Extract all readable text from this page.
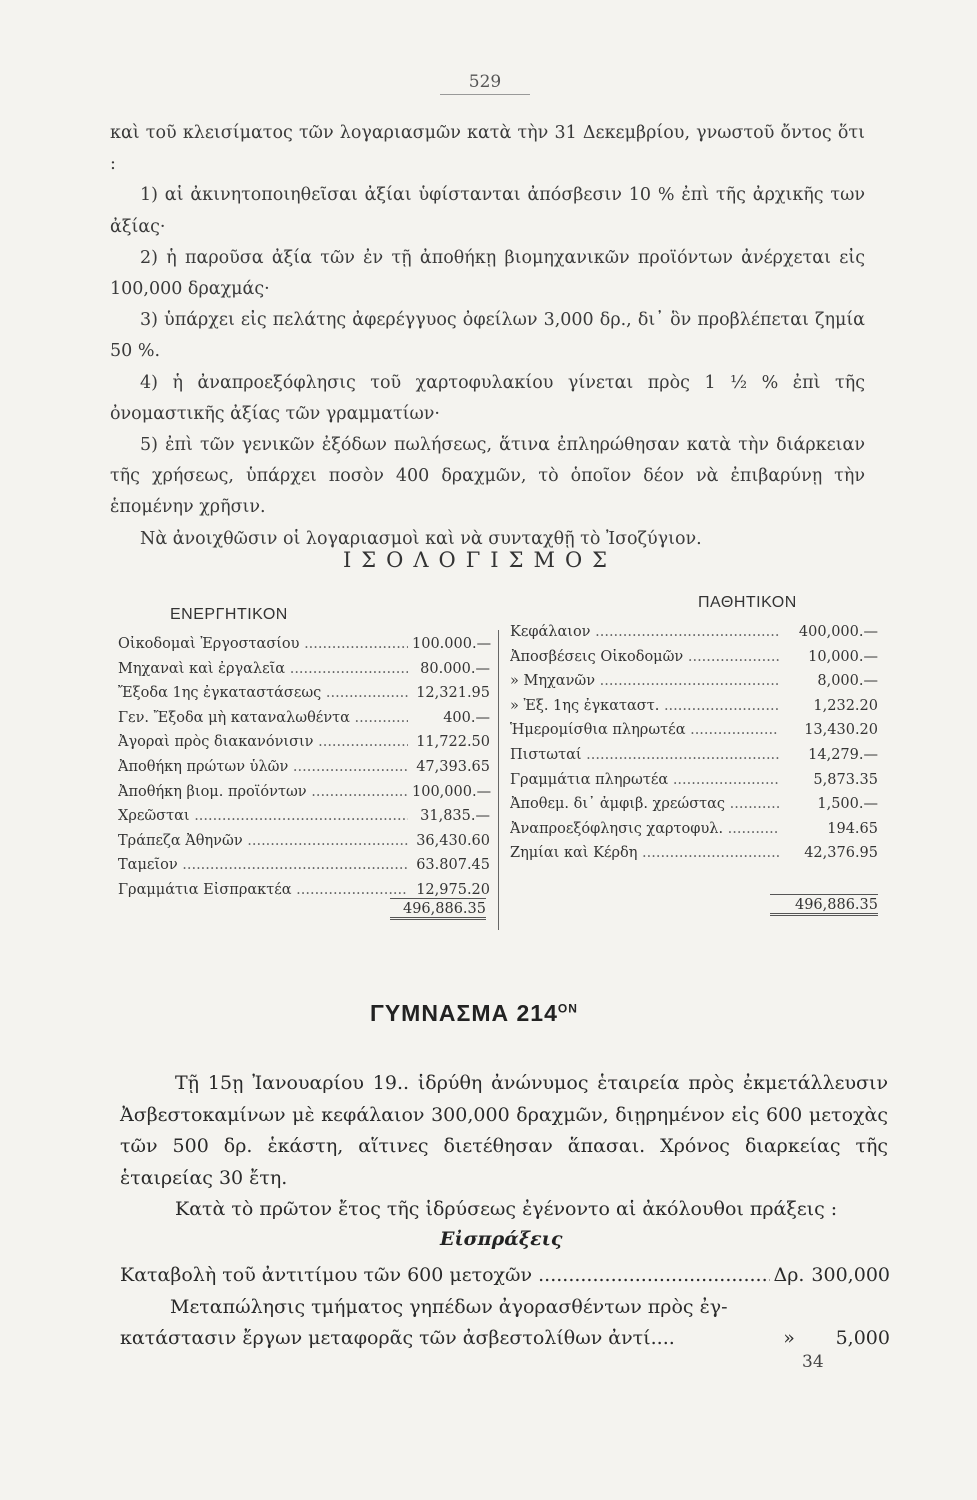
529

καὶ τοῦ κλεισίματος τῶν λογαριασμῶν κατὰ τὴν 31 Δεκεμβρίου, γνωστοῦ ὄντος ὅτι :

1) αἱ ἀκινητοποιηθεῖσαι ἀξίαι ὑφίστανται ἀπόσβεσιν 10 % ἐπὶ τῆς ἀρχικῆς των ἀξίας·

2) ἡ παροῦσα ἀξία τῶν ἐν τῇ ἀποθήκῃ βιομηχανικῶν προϊόντων ἀνέρχεται εἰς 100,000 δραχμάς·

3) ὑπάρχει εἰς πελάτης ἀφερέγγυος ὀφείλων 3,000 δρ., δι᾽ ὃν προβλέπεται ζημία 50 %.

4) ἡ ἀναπροεξόφλησις τοῦ χαρτοφυλακίου γίνεται πρὸς 1 ½ % ἐπὶ τῆς ὀνομαστικῆς ἀξίας τῶν γραμματίων·

5) ἐπὶ τῶν γενικῶν ἐξόδων πωλήσεως, ἅτινα ἐπληρώθησαν κατὰ τὴν διάρκειαν τῆς χρήσεως, ὑπάρχει ποσὸν 400 δραχμῶν, τὸ ὁποῖον δέον νὰ ἐπιβαρύνῃ τὴν ἑπομένην χρῆσιν.

Νὰ ἀνοιχθῶσιν οἱ λογαριασμοὶ καὶ νὰ συνταχθῇ τὸ Ἰσοζύγιον.

ΙΣΟΛΟΓΙΣΜΟΣ
ΕΝΕΡΓΗΤΙΚΟΝ
ΠΑΘΗΤΙΚΟΝ
Οἰκοδομαὶ Ἐργοστασίου .....	100.000.—
Μηχαναὶ καὶ ἐργαλεῖα .....	80.000.—
Ἔξοδα 1ης ἐγκαταστάσεως .....	12,321.95
Γεν. Ἔξοδα μὴ καταναλωθέντα .....	400.—
Ἀγοραὶ πρὸς διακανόνισιν .....	11,722.50
Ἀποθήκη πρώτων ὑλῶν .....	47,393.65
Ἀποθήκη βιομ. προϊόντων .....	100,000.—
Χρεῶσται .....	31,835.—
Τράπεζα Ἀθηνῶν .....	36,430.60
Ταμεῖον .....	63.807.45
Γραμμάτια Εἰσπρακτέα .....	12,975.20
496,886.35
Κεφάλαιον .....	400,000.—
Ἀποσβέσεις Οἰκοδομῶν .....	10,000.—
» Μηχανῶν .....	8,000.—
» Ἐξ. 1ης ἐγκαταστ. .....	1,232.20
Ἡμερομίσθια πληρωτέα .....	13,430.20
Πιστωταί .....	14,279.—
Γραμμάτια πληρωτέα .....	5,873.35
Ἀποθεμ. δι᾽ ἀμφιβ. χρεώστας .....	1,500.—
Ἀναπροεξόφλησις χαρτοφυλ. .....	194.65
Ζημίαι καὶ Κέρδη .....	42,376.95
496,886.35
ΓΥΜΝΑΣΜΑ $214^{ON}$

Τῇ 15ῃ Ἰανουαρίου 19.. ἱδρύθη ἀνώνυμος ἑταιρεία πρὸς ἐκμετάλλευσιν Ἀσβεστοκαμίνων μὲ κεφάλαιον 300,000 δραχμῶν, διῃρημένον εἰς 600 μετοχὰς τῶν 500 δρ. ἑκάστη, αἵτινες διετέθησαν ἅπασαι. Χρόνος διαρκείας τῆς ἑταιρείας 30 ἔτη.

Κατὰ τὸ πρῶτον ἔτος τῆς ἱδρύσεως ἐγένοντο αἱ ἀκόλουθοι πράξεις :

Εἰσπράξεις
Καταβολὴ τοῦ ἀντιτίμου τῶν 600 μετοχῶν .....	Δρ. 300,000
Μεταπώλησις τμήματος γηπέδων ἀγορασθέντων πρὸς ἐγ-
κατάστασιν ἔργων μεταφορᾶς τῶν ἀσβεστολίθων ἀντί....	»	5,000
34
